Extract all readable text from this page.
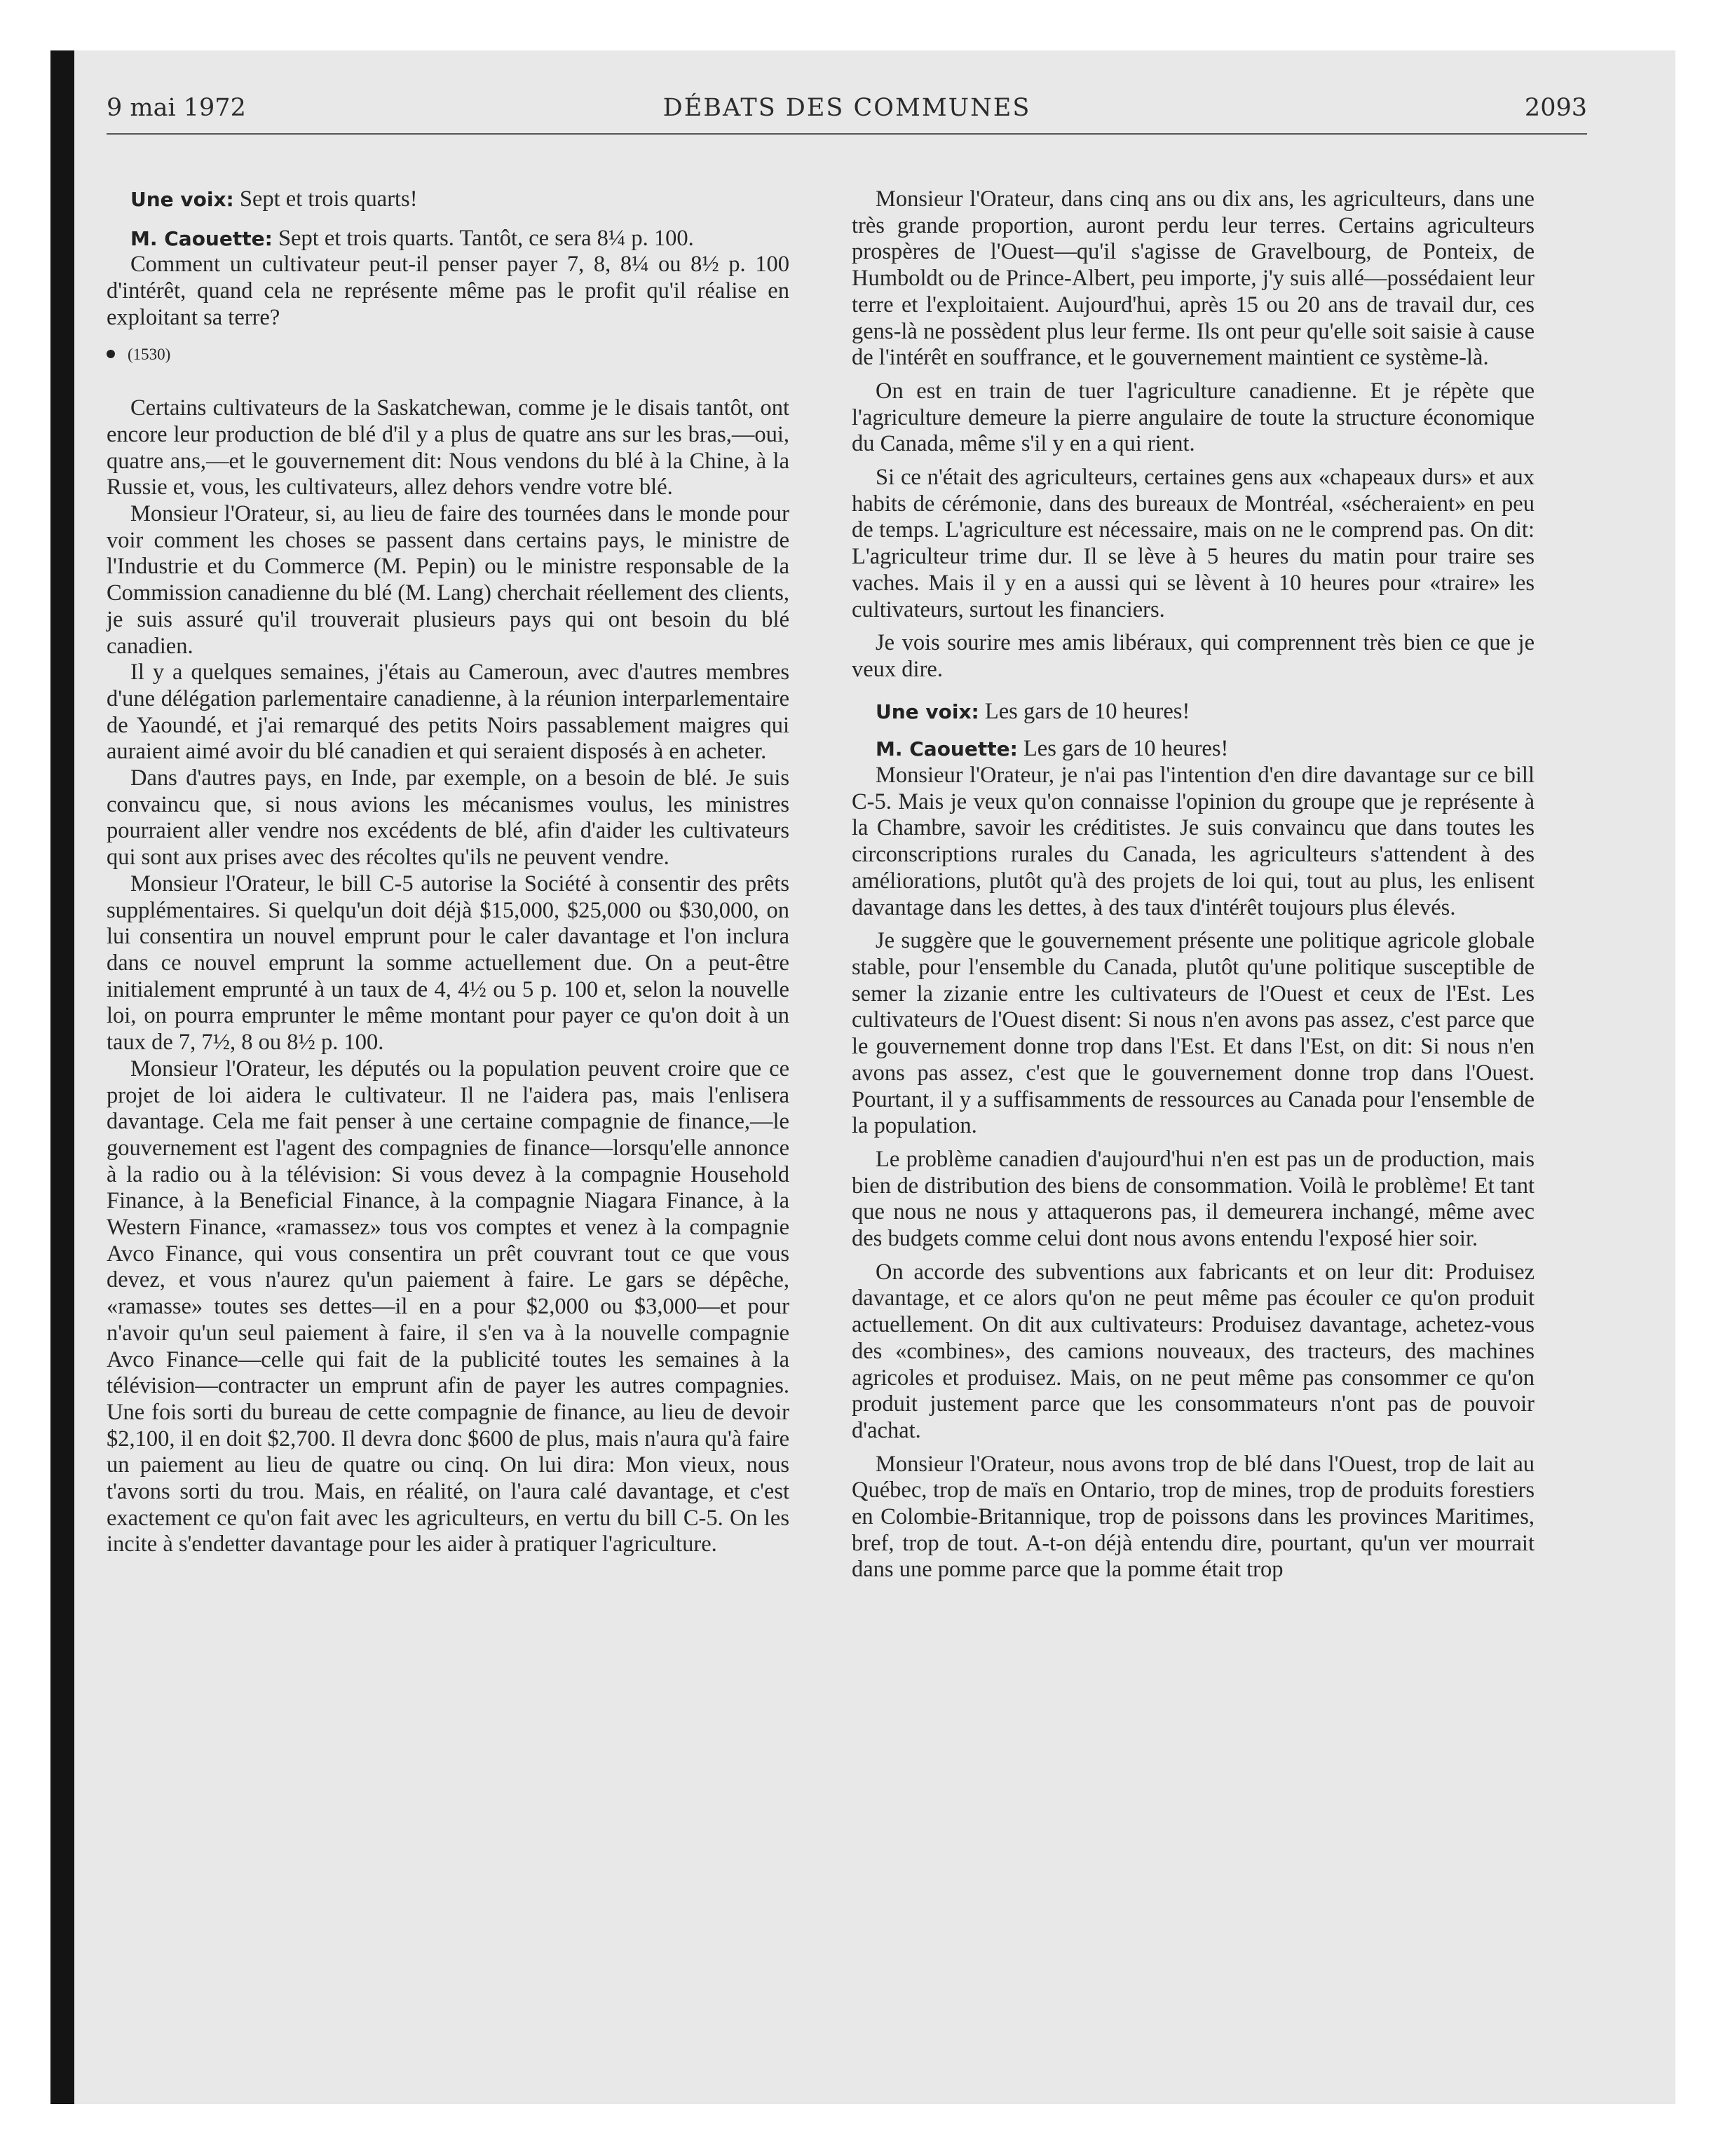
DÉBATS DES COMMUNES
9 mai 1972	2093

Une voix: Sept et trois quarts!

M. Caouette: Sept et trois quarts. Tantôt, ce sera 8¼ p. 100.

Comment un cultivateur peut-il penser payer 7, 8, 8¼ ou 8½ p. 100 d'intérêt, quand cela ne représente même pas le profit qu'il réalise en exploitant sa terre?

(1530)

Certains cultivateurs de la Saskatchewan, comme je le disais tantôt, ont encore leur production de blé d'il y a plus de quatre ans sur les bras,—oui, quatre ans,—et le gouvernement dit: Nous vendons du blé à la Chine, à la Russie et, vous, les cultivateurs, allez dehors vendre votre blé.

Monsieur l'Orateur, si, au lieu de faire des tournées dans le monde pour voir comment les choses se passent dans certains pays, le ministre de l'Industrie et du Commerce (M. Pepin) ou le ministre responsable de la Commission canadienne du blé (M. Lang) cherchait réellement des clients, je suis assuré qu'il trouverait plusieurs pays qui ont besoin du blé canadien.

Il y a quelques semaines, j'étais au Cameroun, avec d'autres membres d'une délégation parlementaire canadienne, à la réunion interparlementaire de Yaoundé, et j'ai remarqué des petits Noirs passablement maigres qui auraient aimé avoir du blé canadien et qui seraient disposés à en acheter.

Dans d'autres pays, en Inde, par exemple, on a besoin de blé. Je suis convaincu que, si nous avions les mécanismes voulus, les ministres pourraient aller vendre nos excédents de blé, afin d'aider les cultivateurs qui sont aux prises avec des récoltes qu'ils ne peuvent vendre.

Monsieur l'Orateur, le bill C-5 autorise la Société à consentir des prêts supplémentaires. Si quelqu'un doit déjà $15,000, $25,000 ou $30,000, on lui consentira un nouvel emprunt pour le caler davantage et l'on inclura dans ce nouvel emprunt la somme actuellement due. On a peut-être initialement emprunté à un taux de 4, 4½ ou 5 p. 100 et, selon la nouvelle loi, on pourra emprunter le même montant pour payer ce qu'on doit à un taux de 7, 7½, 8 ou 8½ p. 100.

Monsieur l'Orateur, les députés ou la population peuvent croire que ce projet de loi aidera le cultivateur. Il ne l'aidera pas, mais l'enlisera davantage. Cela me fait penser à une certaine compagnie de finance,—le gouvernement est l'agent des compagnies de finance—lorsqu'elle annonce à la radio ou à la télévision: Si vous devez à la compagnie Household Finance, à la Beneficial Finance, à la compagnie Niagara Finance, à la Western Finance, «ramassez» tous vos comptes et venez à la compagnie Avco Finance, qui vous consentira un prêt couvrant tout ce que vous devez, et vous n'aurez qu'un paiement à faire. Le gars se dépêche, «ramasse» toutes ses dettes—il en a pour $2,000 ou $3,000—et pour n'avoir qu'un seul paiement à faire, il s'en va à la nouvelle compagnie Avco Finance—celle qui fait de la publicité toutes les semaines à la télévision—contracter un emprunt afin de payer les autres compagnies. Une fois sorti du bureau de cette compagnie de finance, au lieu de devoir $2,100, il en doit $2,700. Il devra donc $600 de plus, mais n'aura qu'à faire un paiement au lieu de quatre ou cinq. On lui dira: Mon vieux, nous t'avons sorti du trou. Mais, en réalité, on l'aura calé davantage, et c'est exactement ce qu'on fait avec les agriculteurs, en vertu du bill C-5. On les incite à s'endetter davantage pour les aider à pratiquer l'agriculture.

Monsieur l'Orateur, dans cinq ans ou dix ans, les agriculteurs, dans une très grande proportion, auront perdu leur terres. Certains agriculteurs prospères de l'Ouest—qu'il s'agisse de Gravelbourg, de Ponteix, de Humboldt ou de Prince-Albert, peu importe, j'y suis allé—possédaient leur terre et l'exploitaient. Aujourd'hui, après 15 ou 20 ans de travail dur, ces gens-là ne possèdent plus leur ferme. Ils ont peur qu'elle soit saisie à cause de l'intérêt en souffrance, et le gouvernement maintient ce système-là.

On est en train de tuer l'agriculture canadienne. Et je répète que l'agriculture demeure la pierre angulaire de toute la structure économique du Canada, même s'il y en a qui rient.

Si ce n'était des agriculteurs, certaines gens aux «chapeaux durs» et aux habits de cérémonie, dans des bureaux de Montréal, «sécheraient» en peu de temps. L'agriculture est nécessaire, mais on ne le comprend pas. On dit: L'agriculteur trime dur. Il se lève à 5 heures du matin pour traire ses vaches. Mais il y en a aussi qui se lèvent à 10 heures pour «traire» les cultivateurs, surtout les financiers.

Je vois sourire mes amis libéraux, qui comprennent très bien ce que je veux dire.

Une voix: Les gars de 10 heures!

M. Caouette: Les gars de 10 heures!

Monsieur l'Orateur, je n'ai pas l'intention d'en dire davantage sur ce bill C-5. Mais je veux qu'on connaisse l'opinion du groupe que je représente à la Chambre, savoir les créditistes. Je suis convaincu que dans toutes les circonscriptions rurales du Canada, les agriculteurs s'attendent à des améliorations, plutôt qu'à des projets de loi qui, tout au plus, les enlisent davantage dans les dettes, à des taux d'intérêt toujours plus élevés.

Je suggère que le gouvernement présente une politique agricole globale stable, pour l'ensemble du Canada, plutôt qu'une politique susceptible de semer la zizanie entre les cultivateurs de l'Ouest et ceux de l'Est. Les cultivateurs de l'Ouest disent: Si nous n'en avons pas assez, c'est parce que le gouvernement donne trop dans l'Est. Et dans l'Est, on dit: Si nous n'en avons pas assez, c'est que le gouvernement donne trop dans l'Ouest. Pourtant, il y a suffisamments de ressources au Canada pour l'ensemble de la population.

Le problème canadien d'aujourd'hui n'en est pas un de production, mais bien de distribution des biens de consommation. Voilà le problème! Et tant que nous ne nous y attaquerons pas, il demeurera inchangé, même avec des budgets comme celui dont nous avons entendu l'exposé hier soir.

On accorde des subventions aux fabricants et on leur dit: Produisez davantage, et ce alors qu'on ne peut même pas écouler ce qu'on produit actuellement. On dit aux cultivateurs: Produisez davantage, achetez-vous des «combines», des camions nouveaux, des tracteurs, des machines agricoles et produisez. Mais, on ne peut même pas consommer ce qu'on produit justement parce que les consommateurs n'ont pas de pouvoir d'achat.

Monsieur l'Orateur, nous avons trop de blé dans l'Ouest, trop de lait au Québec, trop de maïs en Ontario, trop de mines, trop de produits forestiers en Colombie-Britannique, trop de poissons dans les provinces Maritimes, bref, trop de tout. A-t-on déjà entendu dire, pourtant, qu'un ver mourrait dans une pomme parce que la pomme était trop
